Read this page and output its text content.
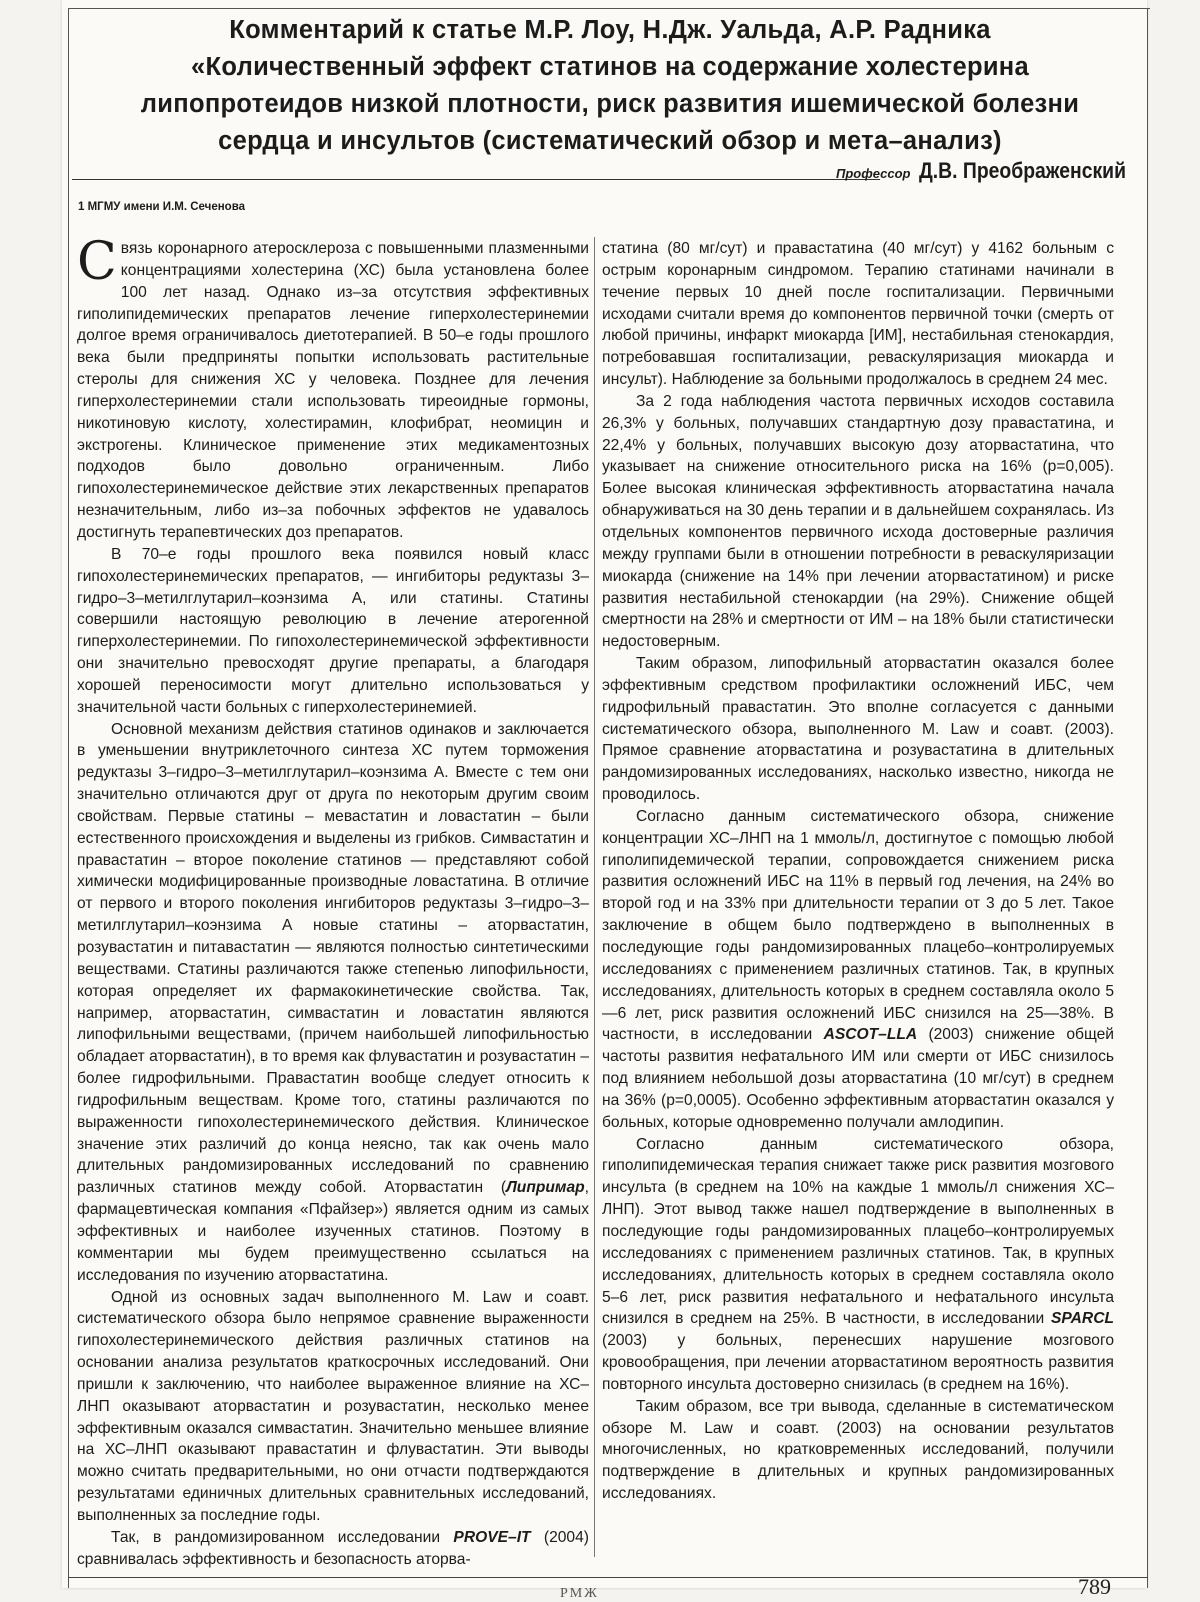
Комментарий к статье М.Р. Лоу, Н.Дж. Уальда, А.Р. Радника
«Количественный эффект статинов на содержание холестерина
липопротеидов низкой плотности, риск развития ишемической болезни
сердца и инсультов (систематический обзор и мета–анализ)
Профессор Д.В. Преображенский
1 МГМУ имени И.М. Сеченова

Связь коронарного атеросклероза с повышенными плазменными концентрациями холестерина (ХС) была установлена более 100 лет назад. Однако из–за отсутствия эффективных гиполипидемических препаратов лечение гиперхолестеринемии долгое время ограничивалось диетотерапией. В 50–е годы прошлого века были предприняты попытки использовать растительные стеролы для снижения ХС у человека. Позднее для лечения гиперхолестеринемии стали использовать тиреоидные гормоны, никотиновую кислоту, холестирамин, клофибрат, неомицин и экстрогены. Клиническое применение этих медикаментозных подходов было довольно ограниченным. Либо гипохолестеринемическое действие этих лекарственных препаратов незначительным, либо из–за побочных эффектов не удавалось достигнуть терапевтических доз препаратов.

В 70–е годы прошлого века появился новый класс гипохолестеринемических препаратов, — ингибиторы редуктазы 3–гидро–3–метилглутарил–коэнзима А, или статины. Статины совершили настоящую революцию в лечение атерогенной гиперхолестеринемии. По гипохолестеринемической эффективности они значительно превосходят другие препараты, а благодаря хорошей переносимости могут длительно использоваться у значительной части больных с гиперхолестеринемией.

Основной механизм действия статинов одинаков и заключается в уменьшении внутриклеточного синтеза ХС путем торможения редуктазы 3–гидро–3–метилглутарил–коэнзима А. Вместе с тем они значительно отличаются друг от друга по некоторым другим своим свойствам. Первые статины – мевастатин и ловастатин – были естественного происхождения и выделены из грибков. Симвастатин и правастатин – второе поколение статинов — представляют собой химически модифицированные производные ловастатина. В отличие от первого и второго поколения ингибиторов редуктазы 3–гидро–3–метилглутарил–коэнзима А новые статины – аторвастатин, розувастатин и питавастатин — являются полностью синтетическими веществами. Статины различаются также степенью липофильности, которая определяет их фармакокинетические свойства. Так, например, аторвастатин, симвастатин и ловастатин являются липофильными веществами, (причем наибольшей липофильностью обладает аторвастатин), в то время как флувастатин и розувастатин – более гидрофильными. Правастатин вообще следует относить к гидрофильным веществам. Кроме того, статины различаются по выраженности гипохолестеринемического действия. Клиническое значение этих различий до конца неясно, так как очень мало длительных рандомизированных исследований по сравнению различных статинов между собой. Аторвастатин (Липримар, фармацевтическая компания «Пфайзер») является одним из самых эффективных и наиболее изученных статинов. Поэтому в комментарии мы будем преимущественно ссылаться на исследования по изучению аторвастатина.

Одной из основных задач выполненного М. Law и соавт. систематического обзора было непрямое сравнение выраженности гипохолестеринемического действия различных статинов на основании анализа результатов краткосрочных исследований. Они пришли к заключению, что наиболее выраженное влияние на ХС–ЛНП оказывают аторвастатин и розувастатин, несколько менее эффективным оказался симвастатин. Значительно меньшее влияние на ХС–ЛНП оказывают правастатин и флувастатин. Эти выводы можно считать предварительными, но они отчасти подтверждаются результатами единичных длительных сравнительных исследований, выполненных за последние годы.

Так, в рандомизированном исследовании PROVE–IT (2004) сравнивалась эффективность и безопасность аторва-

статина (80 мг/сут) и правастатина (40 мг/сут) у 4162 больным с острым коронарным синдромом. Терапию статинами начинали в течение первых 10 дней после госпитализации. Первичными исходами считали время до компонентов первичной точки (смерть от любой причины, инфаркт миокарда [ИМ], нестабильная стенокардия, потребовавшая госпитализации, реваскуляризация миокарда и инсульт). Наблюдение за больными продолжалось в среднем 24 мес.

За 2 года наблюдения частота первичных исходов составила 26,3% у больных, получавших стандартную дозу правастатина, и 22,4% у больных, получавших высокую дозу аторвастатина, что указывает на снижение относительного риска на 16% (p=0,005). Более высокая клиническая эффективность аторвастатина начала обнаруживаться на 30 день терапии и в дальнейшем сохранялась. Из отдельных компонентов первичного исхода достоверные различия между группами были в отношении потребности в реваскуляризации миокарда (снижение на 14% при лечении аторвастатином) и риске развития нестабильной стенокардии (на 29%). Снижение общей смертности на 28% и смертности от ИМ – на 18% были статистически недостоверным.

Таким образом, липофильный аторвастатин оказался более эффективным средством профилактики осложнений ИБС, чем гидрофильный правастатин. Это вполне согласуется с данными систематического обзора, выполненного М. Law и соавт. (2003). Прямое сравнение аторвастатина и розувастатина в длительных рандомизированных исследованиях, насколько известно, никогда не проводилось.

Согласно данным систематического обзора, снижение концентрации ХС–ЛНП на 1 ммоль/л, достигнутое с помощью любой гиполипидемической терапии, сопровождается снижением риска развития осложнений ИБС на 11% в первый год лечения, на 24% во второй год и на 33% при длительности терапии от 3 до 5 лет. Такое заключение в общем было подтверждено в выполненных в последующие годы рандомизированных плацебо–контролируемых исследованиях с применением различных статинов. Так, в крупных исследованиях, длительность которых в среднем составляла около 5—6 лет, риск развития осложнений ИБС снизился на 25—38%. В частности, в исследовании ASCOT–LLA (2003) снижение общей частоты развития нефатального ИМ или смерти от ИБС снизилось под влиянием небольшой дозы аторвастатина (10 мг/сут) в среднем на 36% (p=0,0005). Особенно эффективным аторвастатин оказался у больных, которые одновременно получали амлодипин.

Согласно данным систематического обзора, гиполипидемическая терапия снижает также риск развития мозгового инсульта (в среднем на 10% на каждые 1 ммоль/л снижения ХС–ЛНП). Этот вывод также нашел подтверждение в выполненных в последующие годы рандомизированных плацебо–контролируемых исследованиях с применением различных статинов. Так, в крупных исследованиях, длительность которых в среднем составляла около 5–6 лет, риск развития нефатального и нефатального инсульта снизился в среднем на 25%. В частности, в исследовании SPARCL (2003) у больных, перенесших нарушение мозгового кровообращения, при лечении аторвастатином вероятность развития повторного инсульта достоверно снизилась (в среднем на 16%).

Таким образом, все три вывода, сделанные в систематическом обзоре М. Law и соавт. (2003) на основании результатов многочисленных, но кратковременных исследований, получили подтверждение в длительных и крупных рандомизированных исследованиях.

789
РМЖ
